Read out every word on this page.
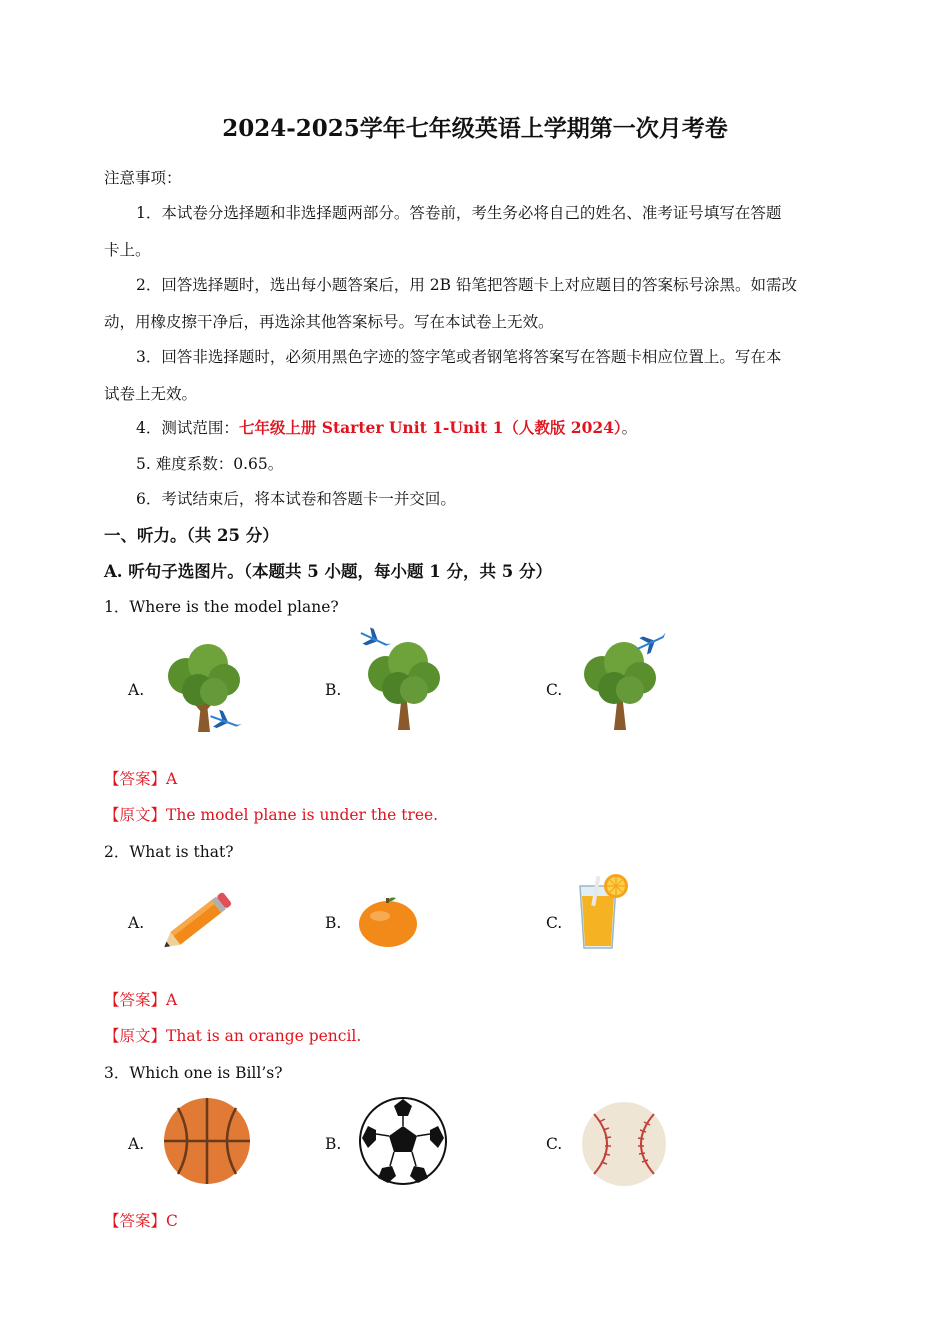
2024-2025学年七年级英语上学期第一次月考卷
注意事项：
1．本试卷分选择题和非选择题两部分。答卷前，考生务必将自己的姓名、准考证号填写在答题
卡上。
2．回答选择题时，选出每小题答案后，用 2B 铅笔把答题卡上对应题目的答案标号涂黑。如需改
动，用橡皮擦干净后，再选涂其他答案标号。写在本试卷上无效。
3．回答非选择题时，必须用黑色字迹的签字笔或者钢笔将答案写在答题卡相应位置上。写在本
试卷上无效。
4．测试范围：七年级上册 Starter Unit 1-Unit 1（人教版 2024）。
5. 难度系数：0.65。
6．考试结束后，将本试卷和答题卡一并交回。
一、听力。（共 25 分）
A. 听句子选图片。（本题共 5 小题，每小题 1 分，共 5 分）
1．Where is the model plane?
A.	B.	C.
【答案】A
【原文】The model plane is under the tree.
2．What is that?
A.	B.	C.
【答案】A
【原文】That is an orange pencil.
3．Which one is Bill’s?
A.	B.	C.
【答案】C
